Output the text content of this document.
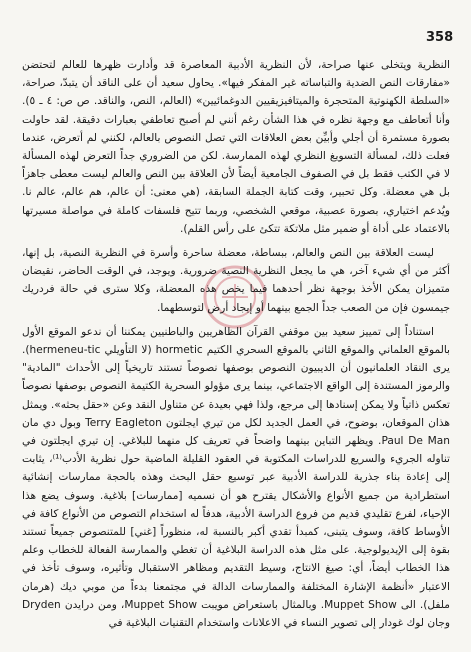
358

النظرية ويتخلى عنها صراحة، لأن النظرية الأدبية المعاصرة قد وأدارت ظهرها للعالم لتحتضن «مفارقات النص الضدية والتباساته غير المفكر فيها». يحاول سعيد أن على الناقد أن يتبدّ، صراحة، «السلطة الكهنوتية المتحجرة والميتافيزيقيين الدوغمائيين» (العالم، النص، والناقد. ص ص: ٤ ـ ٥). وأنا أتعاطف مع وجهة نظره في هذا الشأن رغم أنني لم أصبح تعاطفي بعبارات دقيقة. لقد حاولت بصورة مستمرة أن أجلي وأبيِّن بعض العلاقات التي تصل النصوص بالعالم، لكنني لم أتعرض، عندما فعلت ذلك، لمسألة التسويغ النظري لهذه الممارسة. لكن من الضروري جداً التعرض لهذه المسألة لا في الكتب فقط بل في الصفوف الجامعية أيضاً لأن العلاقة بين النص والعالم ليست معطى جاهزاً بل هي معضلة. وكل تحبير، وقت كتابة الجملة السابقة، (هي معنى: أن عالم، هم عالم، عالم نا. ويُدعم اختياري، بصورة عصبية، موقعي الشخصي، وربما تتيح فلسفات كاملة في مواصلة مسيرتها بالاعتماد على أداة أو ضمير مثل ملاتكة تتكئ على رأس القلم).

ليست العلاقة بين النص والعالم، ببساطة، معضلة ساحرة وأسرة في النظرية النصية، بل إنها، أكثر من أي شيء آخر، هي ما يجعل النظرية النصية ضرورية. ويوجد، في الوقت الحاضر، نقيضان متميزان يمكن الأخذ بوجهة نظر أحدهما فيما يخص هذه المعضلة، وكلا سترى في حالة فردريك جيمسون فإن من الصعب جداً الجمع بينهما أو إيجاد أرض لتوسطهما.

استناداً إلى تمييز سعيد بين موقفي القرآن الظاهريين والباطنيين يمكننا أن ندعو الموقع الأول بالموقع العلماني والموقع الثاني بالموقع السحري الكتيم hormetic (لا التأويلي hermeneu-tic). يرى النقاد العلمانيون أن الديبيون النصوص بوصفها نصوصاً تستند تاريخياً إلى الأحداث "المادية" والرموز المستندة إلى الواقع الاجتماعي، بينما يرى مؤولو السحرية الكتيمة النصوص بوصفها نصوصاً تعكس ذاتياً ولا يمكن إسنادها إلى مرجع، ولذا فهي بعيدة عن متناول النقد وعن «حقل بحثه». ويمثل هذان الموقعان، بوضوح، في العمل الجديد لكل من تيري ايجلتون Terry Eagleton وبول دي مان Paul De Man. ويظهر التباين بينهما واضحاً في تعريف كل منهما للبلاغي. إن تيري ايجلتون في تناوله الجريء والسريع للدراسات المكتوبة في العقود القليلة الماضية حول نظرية الأدب⁽¹⁾، يثابت إلى إعادة بناء جذرية للدراسة الأدبية عبر توسيع حقل البحث وهذه بالحجة ممارسات إنشائية استطرادية من جميع الأنواع والأشكال يقترح هو أن نسميه [ممارسات] بلاغية. وسوف يضع هذا الإحياء، لفرع تقليدي قديم من فروع الدراسة الأدبية، هدفاً له استخدام التصوص من الأنواع كافة في الأوساط كافة، وسوف يتبنى، كمبدأ تقدي أكبر بالنسبة له، منظوراً [غني] للمتنصوص جميعاً تستند بقوة إلى الإيديولوجية. على مثل هذه الدراسة البلاغية أن تغطي والممارسة الفعالة للخطاب وعلم هذا الخطاب أيضاً، أي: صيغ الانتاج، وسيط التقديم ومظاهر الاستقبال وتأثيره، وسوف تأخذ في الاعتبار «أنظمة الإشارة المختلفة والممارسات الدالة في مجتمعنا بدءاً من موبي ديك (هرمان ملفل). الى Muppet Show. وبالمثال باستعراض مويبت Muppet Show، ومن درايدن Dryden وجان لوك غودار إلى تصوير النساء في الاعلانات واستخدام التقنيات البلاغية في
